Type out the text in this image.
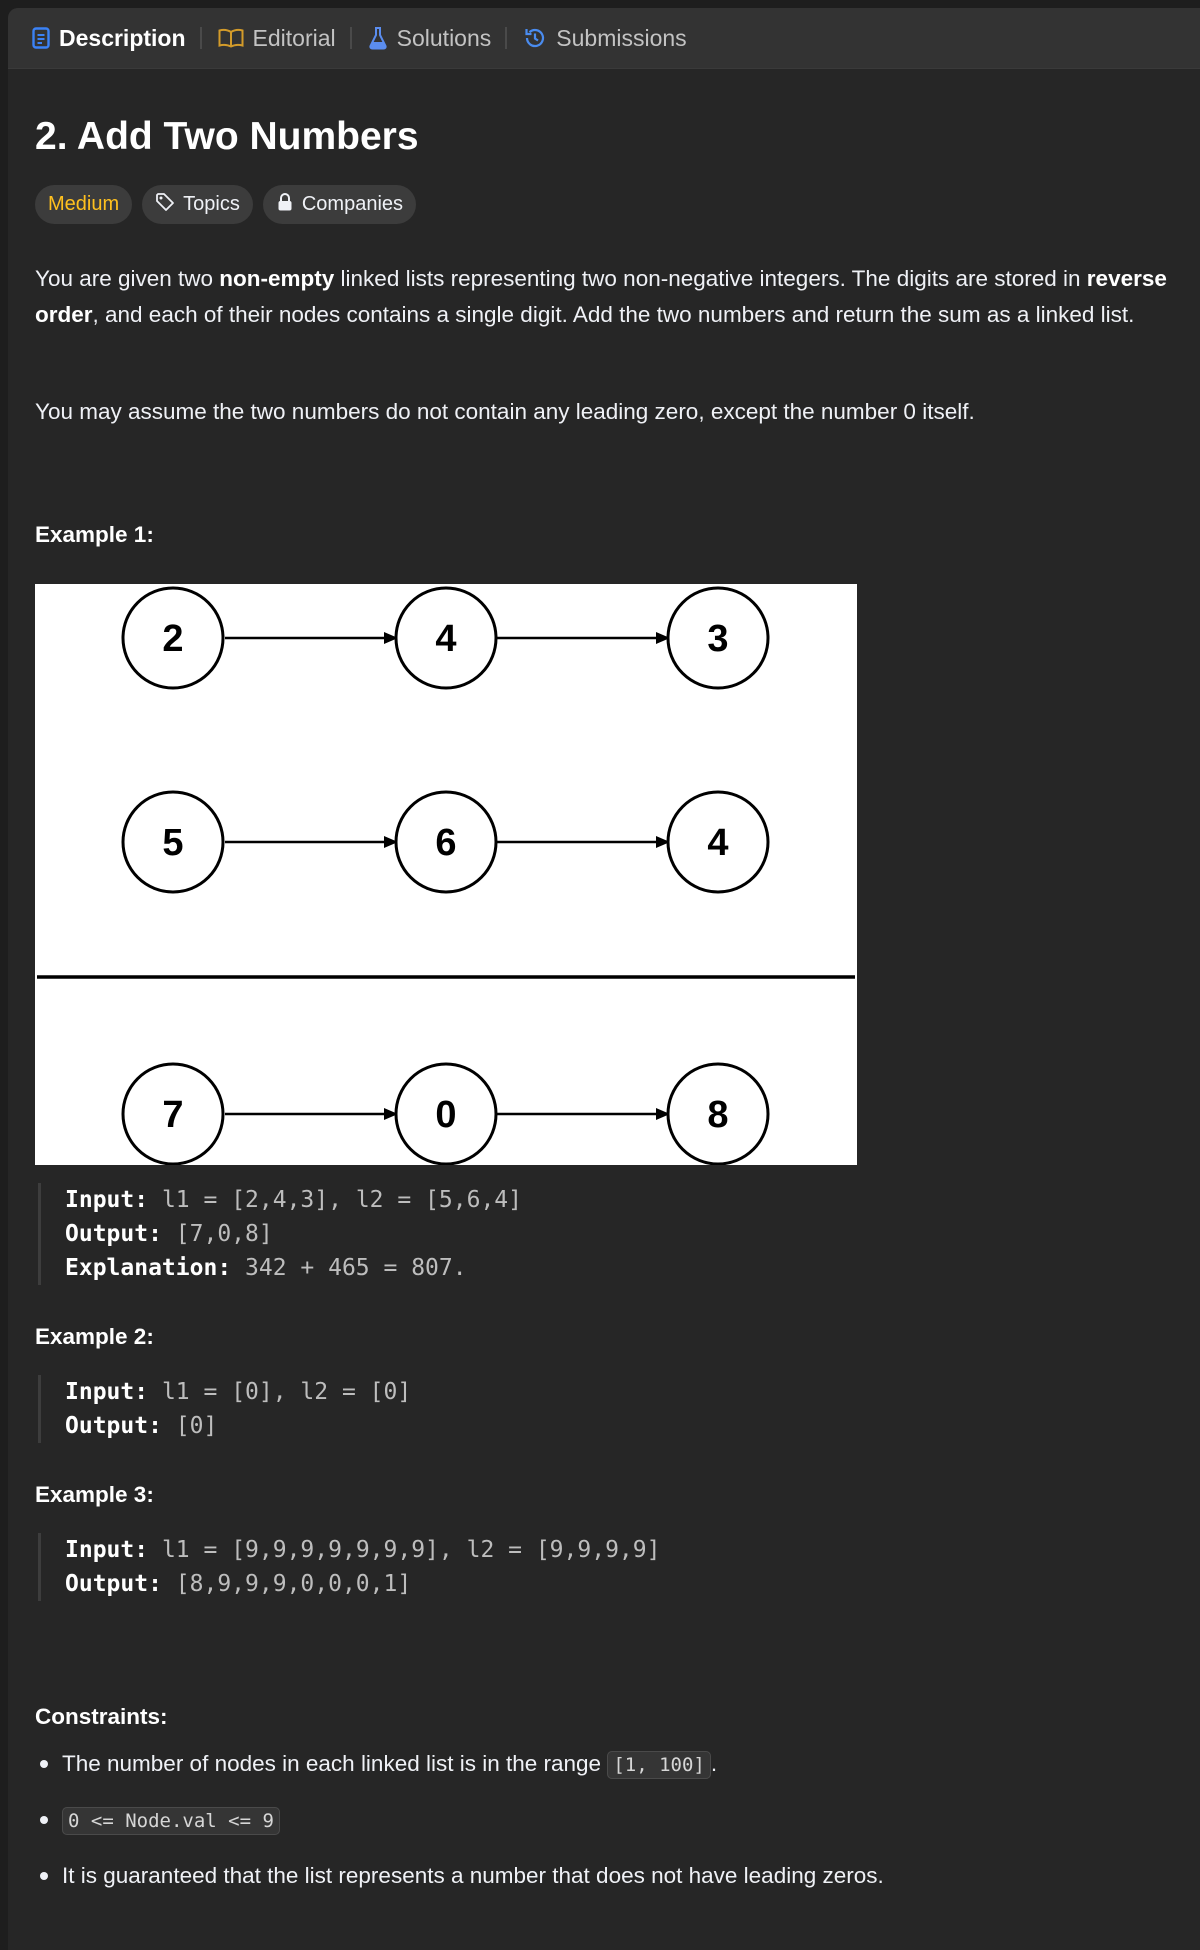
Description	Editorial	Solutions	Submissions
2. Add Two Numbers
Medium	Topics	Companies

You are given two non-empty linked lists representing two non-negative integers. The digits are stored in reverse order, and each of their nodes contains a single digit. Add the two numbers and return the sum as a linked list.

You may assume the two numbers do not contain any leading zero, except the number 0 itself.

Example 1:

2	4	3
5	6	4
7	0	8
Input: l1 = [2,4,3], l2 = [5,6,4]
Output: [7,0,8]
Explanation: 342 + 465 = 807.

Example 2:

Input: l1 = [0], l2 = [0]
Output: [0]

Example 3:

Input: l1 = [9,9,9,9,9,9,9], l2 = [9,9,9,9]
Output: [8,9,9,9,0,0,0,1]

Constraints:

The number of nodes in each linked list is in the range [1, 100] .
0 <= Node.val <= 9
It is guaranteed that the list represents a number that does not have leading zeros.
